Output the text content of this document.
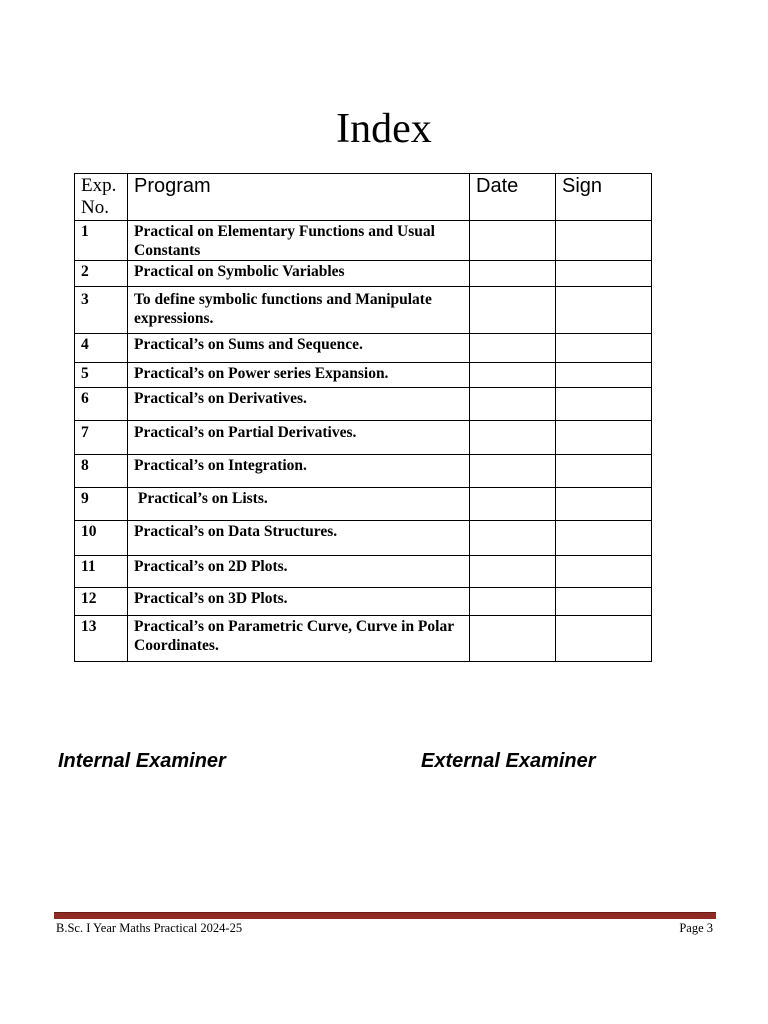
Index
Exp. No.	Program	Date	Sign
1	Practical on Elementary Functions and Usual Constants		
2	Practical on Symbolic Variables		
3	To define symbolic functions and Manipulate expressions.		
4	Practical’s on Sums and Sequence.		
5	Practical’s on Power series Expansion.		
6	Practical’s on Derivatives.		
7	Practical’s on Partial Derivatives.		
8	Practical’s on Integration.		
9	Practical’s on Lists.		
10	Practical’s on Data Structures.		
11	Practical’s on 2D Plots.		
12	Practical’s on 3D Plots.		
13	Practical’s on Parametric Curve, Curve in Polar Coordinates.		
Internal Examiner	External Examiner
B.Sc. I Year Maths Practical 2024-25	Page 3
